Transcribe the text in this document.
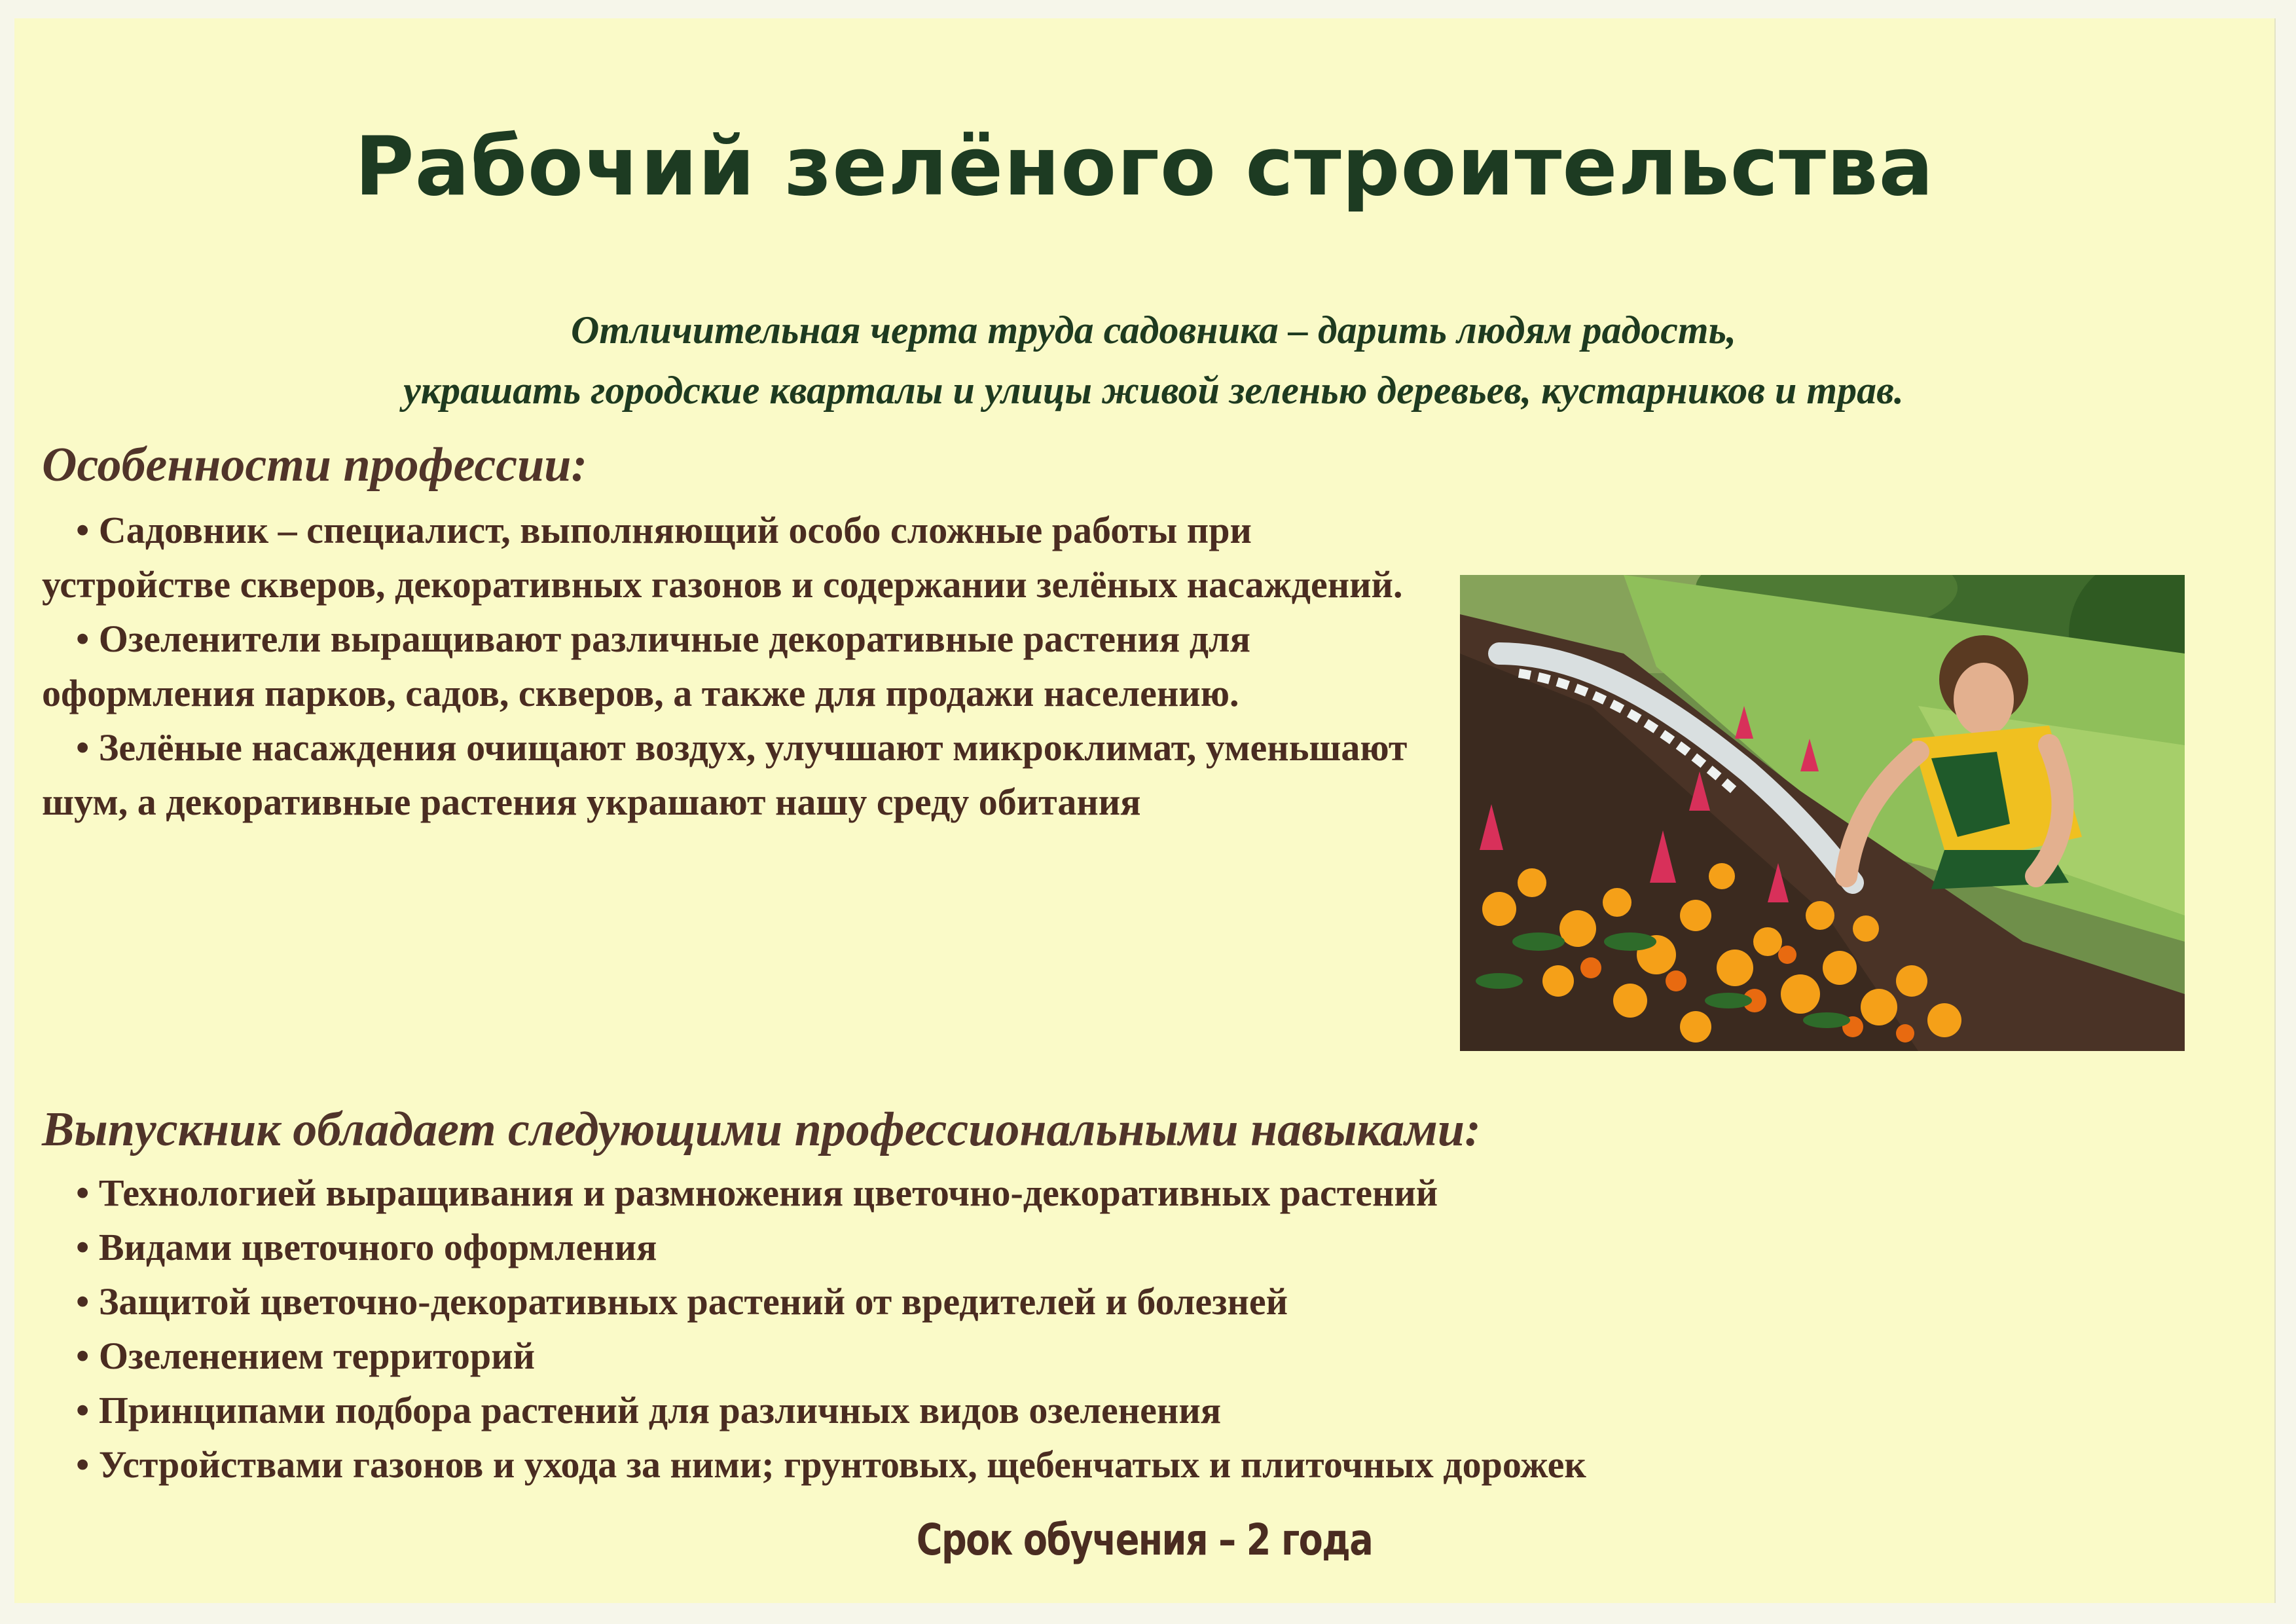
Рабочий зелёного строительства
Отличительная черта труда садовника – дарить людям радость,
украшать городские кварталы и улицы живой зеленью деревьев, кустарников и трав.
Особенности профессии:

• Садовник – специалист, выполняющий особо сложные работы при устройстве скверов, декоративных газонов и содержании зелёных насаждений.

• Озеленители выращивают различные декоративные растения для оформления парков, садов, скверов, а также для продажи населению.

• Зелёные насаждения очищают воздух, улучшают микроклимат, уменьшают шум, а декоративные растения украшают нашу среду обитания

Выпускник обладает следующими профессиональными навыками:
• Технологией выращивания и размножения цветочно-декоративных растений
• Видами цветочного оформления
• Защитой цветочно-декоративных растений от вредителей и болезней
• Озеленением территорий
• Принципами подбора растений для различных видов озеленения
• Устройствами газонов и ухода за ними; грунтовых, щебенчатых и плиточных дорожек
Срок обучения – 2 года
